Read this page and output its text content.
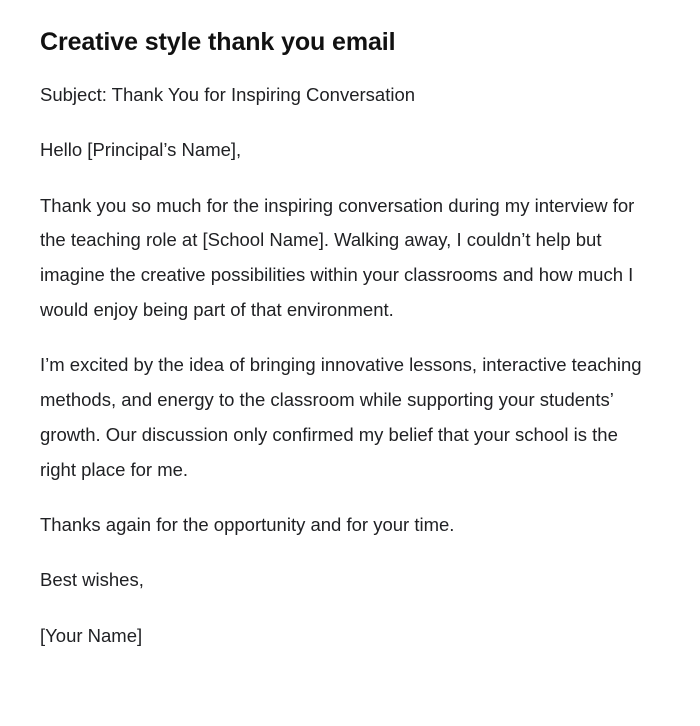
Creative style thank you email

Subject: Thank You for Inspiring Conversation

Hello [Principal’s Name],

Thank you so much for the inspiring conversation during my interview for the teaching role at [School Name]. Walking away, I couldn’t help but imagine the creative possibilities within your classrooms and how much I would enjoy being part of that environment.

I’m excited by the idea of bringing innovative lessons, interactive teaching methods, and energy to the classroom while supporting your students’ growth. Our discussion only confirmed my belief that your school is the right place for me.

Thanks again for the opportunity and for your time.

Best wishes,

[Your Name]
